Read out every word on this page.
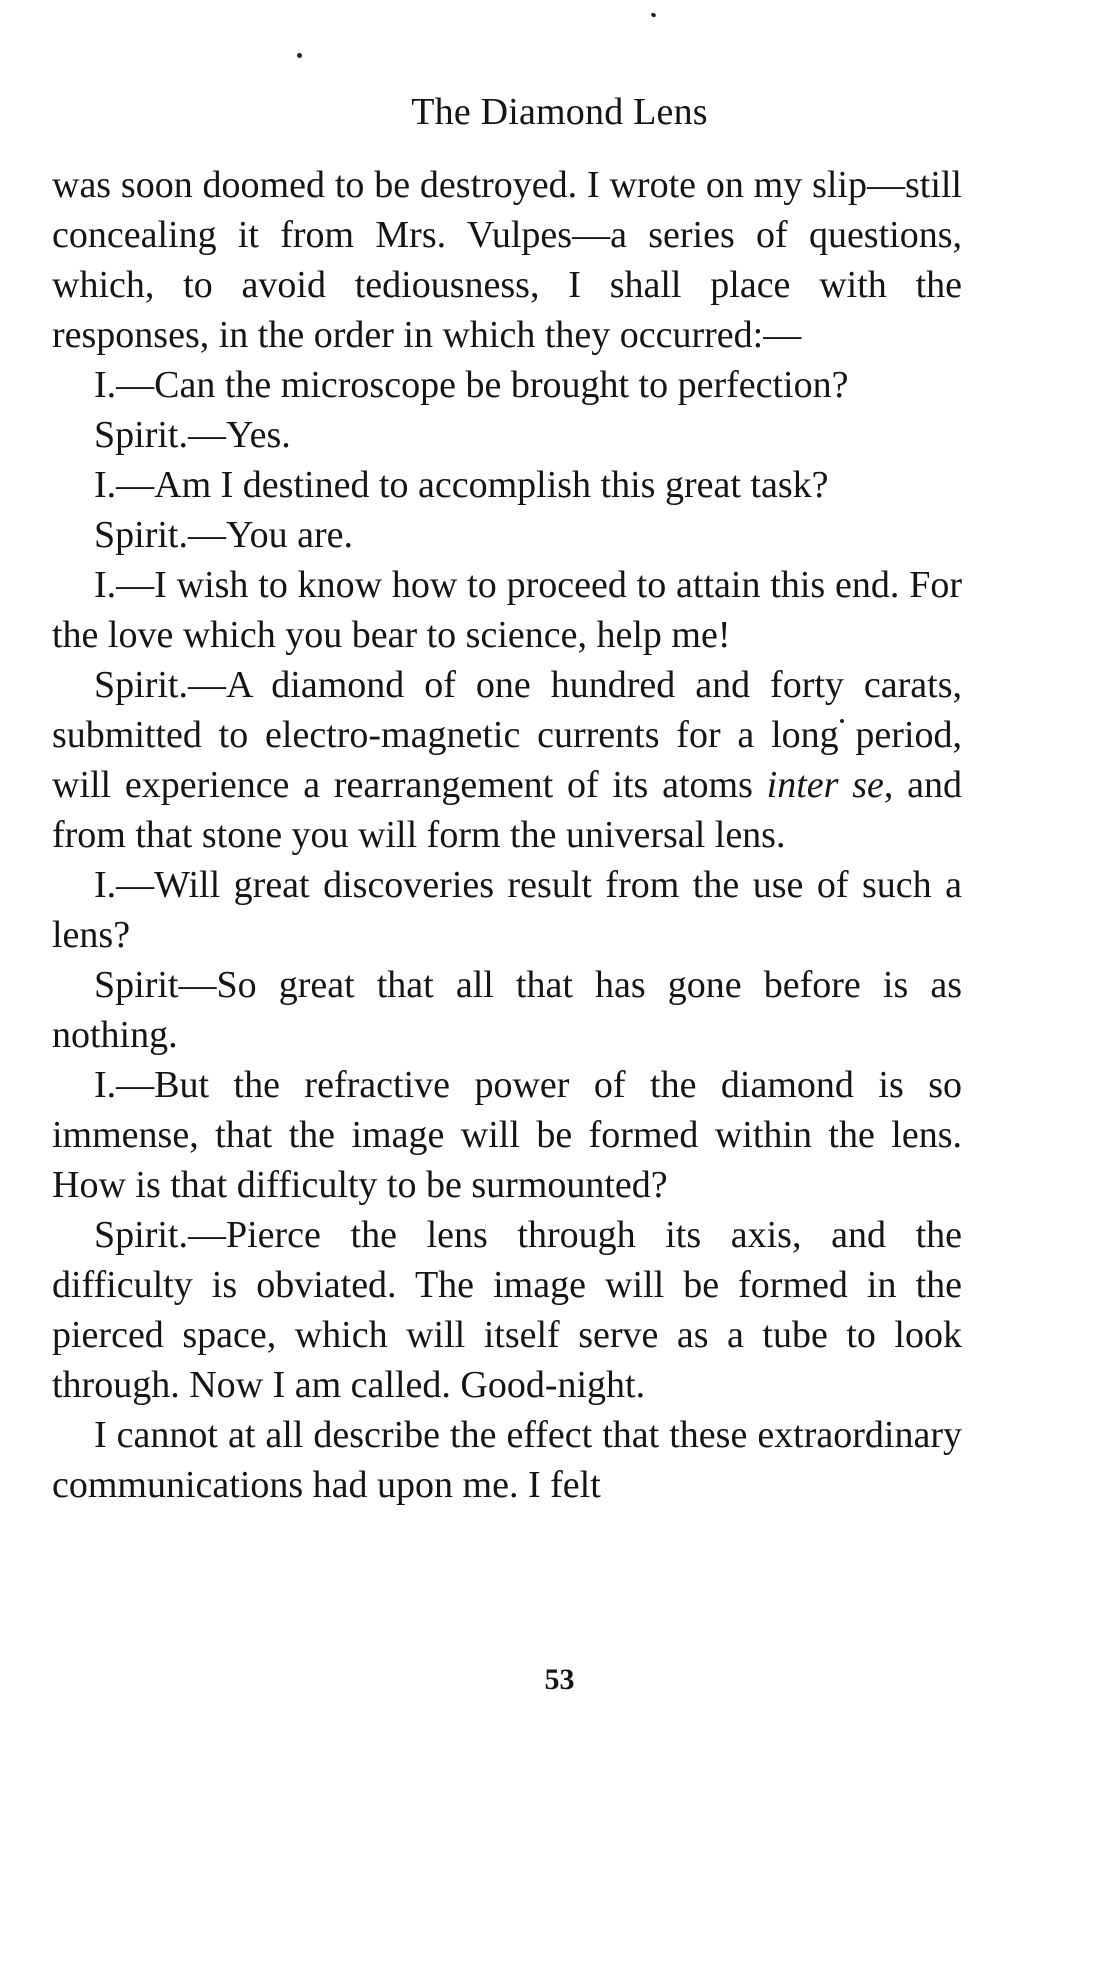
The Diamond Lens

was soon doomed to be destroyed. I wrote on my slip—still concealing it from Mrs. Vulpes—a series of questions, which, to avoid tediousness, I shall place with the responses, in the order in which they occurred:—

I.—Can the microscope be brought to perfection?

Spirit.—Yes.

I.—Am I destined to accomplish this great task?

Spirit.—You are.

I.—I wish to know how to proceed to attain this end. For the love which you bear to science, help me!

Spirit.—A diamond of one hundred and forty carats, submitted to electro-magnetic currents for a long period, will experience a rearrangement of its atoms inter se, and from that stone you will form the universal lens.

I.—Will great discoveries result from the use of such a lens?

Spirit—So great that all that has gone before is as nothing.

I.—But the refractive power of the diamond is so immense, that the image will be formed within the lens. How is that difficulty to be surmounted?

Spirit.—Pierce the lens through its axis, and the difficulty is obviated. The image will be formed in the pierced space, which will itself serve as a tube to look through. Now I am called. Good-night.

I cannot at all describe the effect that these extraordinary communications had upon me. I felt

53
